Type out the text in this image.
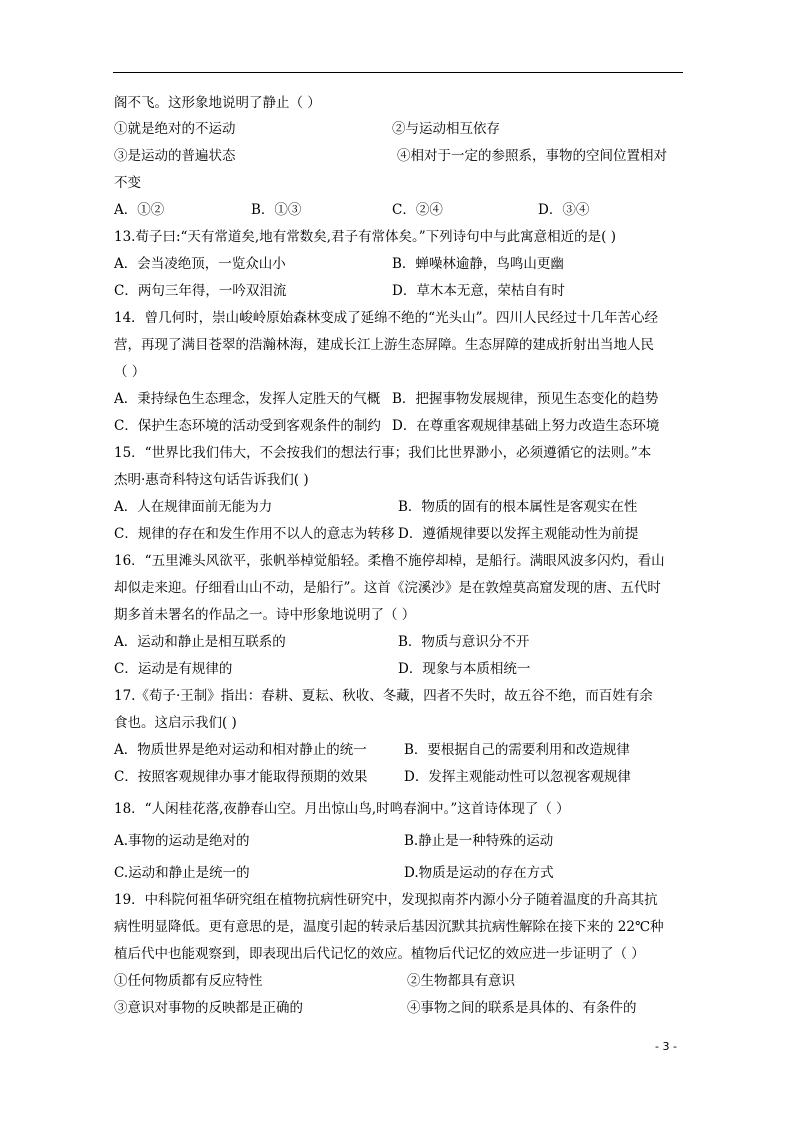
阁不飞。这形象地说明了静止（ ）
①就是绝对的不运动	②与运动相互依存
③是运动的普遍状态	④相对于一定的参照系，事物的空间位置相对
不变
A．①②	B．①③	C．②④	D．③④
13.荀子曰:“天有常道矣,地有常数矣,君子有常体矣。”下列诗句中与此寓意相近的是( )
A．会当凌绝顶，一览众山小	B．蝉噪林逾静，鸟鸣山更幽
C．两句三年得，一吟双泪流	D．草木本无意，荣枯自有时
14．曾几何时，崇山峻岭原始森林变成了延绵不绝的“光头山”。四川人民经过十几年苦心经
营，再现了满目苍翠的浩瀚林海，建成长江上游生态屏障。生态屏障的建成折射出当地人民
（ ）
A．秉持绿色生态理念，发挥人定胜天的气概 B．把握事物发展规律，预见生态变化的趋势
C．保护生态环境的活动受到客观条件的制约 D．在尊重客观规律基础上努力改造生态环境
15．“世界比我们伟大，不会按我们的想法行事；我们比世界渺小，必须遵循它的法则。”本
杰明·惠奇科特这句话告诉我们( )
A．人在规律面前无能为力	B．物质的固有的根本属性是客观实在性
C．规律的存在和发生作用不以人的意志为转移 D．遵循规律要以发挥主观能动性为前提
16．“五里滩头风欲平，张帆举棹觉船轻。柔橹不施停却棹，是船行。满眼风波多闪灼，看山
却似走来迎。仔细看山山不动，是船行”。这首《浣溪沙》是在敦煌莫高窟发现的唐、五代时
期多首未署名的作品之一。诗中形象地说明了（ ）
A．运动和静止是相互联系的	B．物质与意识分不开
C．运动是有规律的	D．现象与本质相统一
17.《荀子·王制》指出：春耕、夏耘、秋收、冬藏，四者不失时，故五谷不绝，而百姓有余
食也。这启示我们( )
A．物质世界是绝对运动和相对静止的统一	B．要根据自己的需要利用和改造规律
C．按照客观规律办事才能取得预期的效果	D．发挥主观能动性可以忽视客观规律
18．“人闲桂花落,夜静春山空。月出惊山鸟,时鸣春涧中。”这首诗体现了（ ）
A.事物的运动是绝对的	B.静止是一种特殊的运动
C.运动和静止是统一的	D.物质是运动的存在方式
19．中科院何祖华研究组在植物抗病性研究中，发现拟南芥内源小分子随着温度的升高其抗
病性明显降低。更有意思的是，温度引起的转录后基因沉默其抗病性解除在接下来的 22℃种
植后代中也能观察到，即表现出后代记忆的效应。植物后代记忆的效应进一步证明了（ ）
①任何物质都有反应特性	②生物都具有意识
③意识对事物的反映都是正确的	④事物之间的联系是具体的、有条件的
- 3 -
